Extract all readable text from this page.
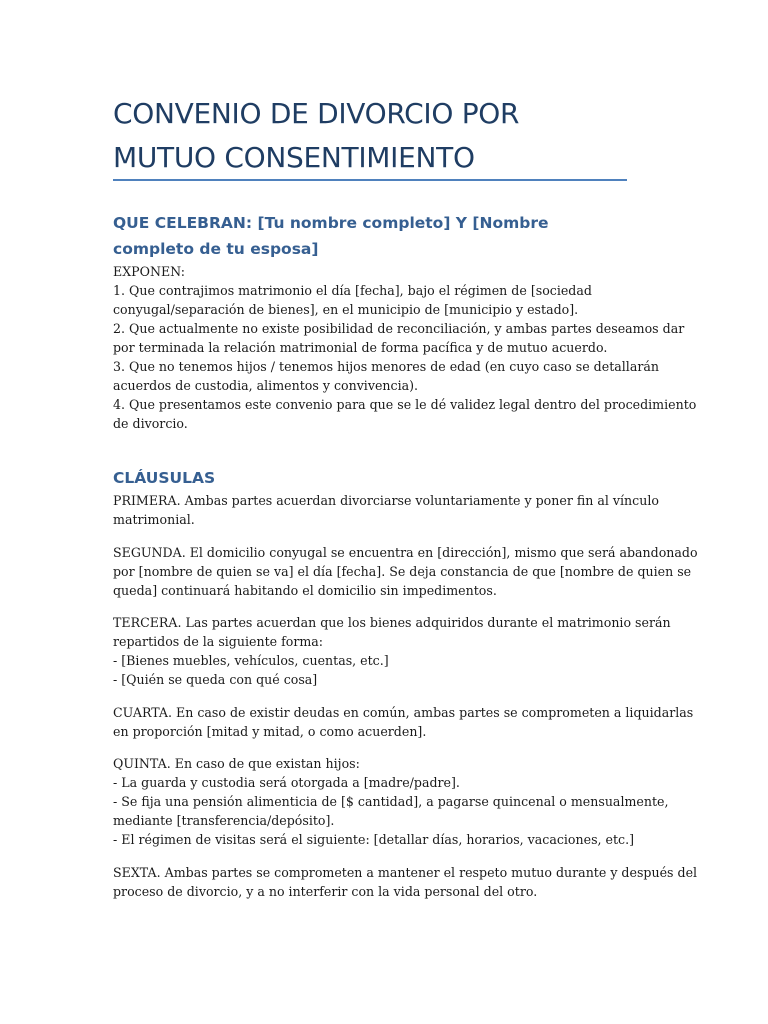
CONVENIO DE DIVORCIO POR MUTUO CONSENTIMIENTO
QUE CELEBRAN: [Tu nombre completo] Y [Nombre completo de tu esposa]
EXPONEN:
1. Que contrajimos matrimonio el día [fecha], bajo el régimen de [sociedad
conyugal/separación de bienes], en el municipio de [municipio y estado].
2. Que actualmente no existe posibilidad de reconciliación, y ambas partes deseamos dar
por terminada la relación matrimonial de forma pacífica y de mutuo acuerdo.
3. Que no tenemos hijos / tenemos hijos menores de edad (en cuyo caso se detallarán
acuerdos de custodia, alimentos y convivencia).
4. Que presentamos este convenio para que se le dé validez legal dentro del procedimiento
de divorcio.
CLÁUSULAS
PRIMERA. Ambas partes acuerdan divorciarse voluntariamente y poner fin al vínculo
matrimonial.
SEGUNDA. El domicilio conyugal se encuentra en [dirección], mismo que será abandonado
por [nombre de quien se va] el día [fecha]. Se deja constancia de que [nombre de quien se
queda] continuará habitando el domicilio sin impedimentos.
TERCERA. Las partes acuerdan que los bienes adquiridos durante el matrimonio serán
repartidos de la siguiente forma:
- [Bienes muebles, vehículos, cuentas, etc.]
- [Quién se queda con qué cosa]
CUARTA. En caso de existir deudas en común, ambas partes se comprometen a liquidarlas
en proporción [mitad y mitad, o como acuerden].
QUINTA. En caso de que existan hijos:
- La guarda y custodia será otorgada a [madre/padre].
- Se fija una pensión alimenticia de [$ cantidad], a pagarse quincenal o mensualmente,
mediante [transferencia/depósito].
- El régimen de visitas será el siguiente: [detallar días, horarios, vacaciones, etc.]
SEXTA. Ambas partes se comprometen a mantener el respeto mutuo durante y después del
proceso de divorcio, y a no interferir con la vida personal del otro.
